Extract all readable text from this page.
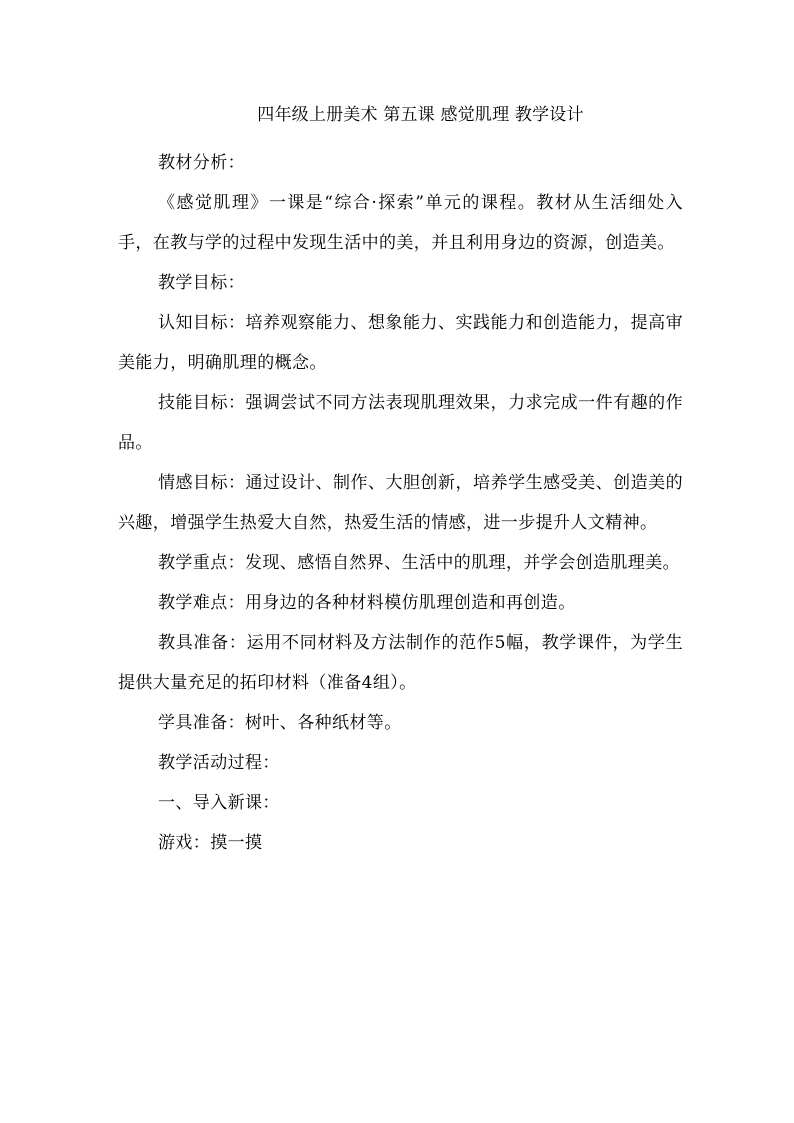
四年级上册美术 第五课 感觉肌理 教学设计

教材分析：

《感觉肌理》一课是“综合·探索”单元的课程。教材从生活细处入手，在教与学的过程中发现生活中的美，并且利用身边的资源，创造美。

教学目标：

认知目标：培养观察能力、想象能力、实践能力和创造能力，提高审美能力，明确肌理的概念。

技能目标：强调尝试不同方法表现肌理效果，力求完成一件有趣的作品。

情感目标：通过设计、制作、大胆创新，培养学生感受美、创造美的兴趣，增强学生热爱大自然，热爱生活的情感，进一步提升人文精神。

教学重点：发现、感悟自然界、生活中的肌理，并学会创造肌理美。

教学难点：用身边的各种材料模仿肌理创造和再创造。

教具准备：运用不同材料及方法制作的范作5幅，教学课件，为学生提供大量充足的拓印材料（准备4组）。

学具准备：树叶、各种纸材等。

教学活动过程：

一、导入新课：

游戏：摸一摸
